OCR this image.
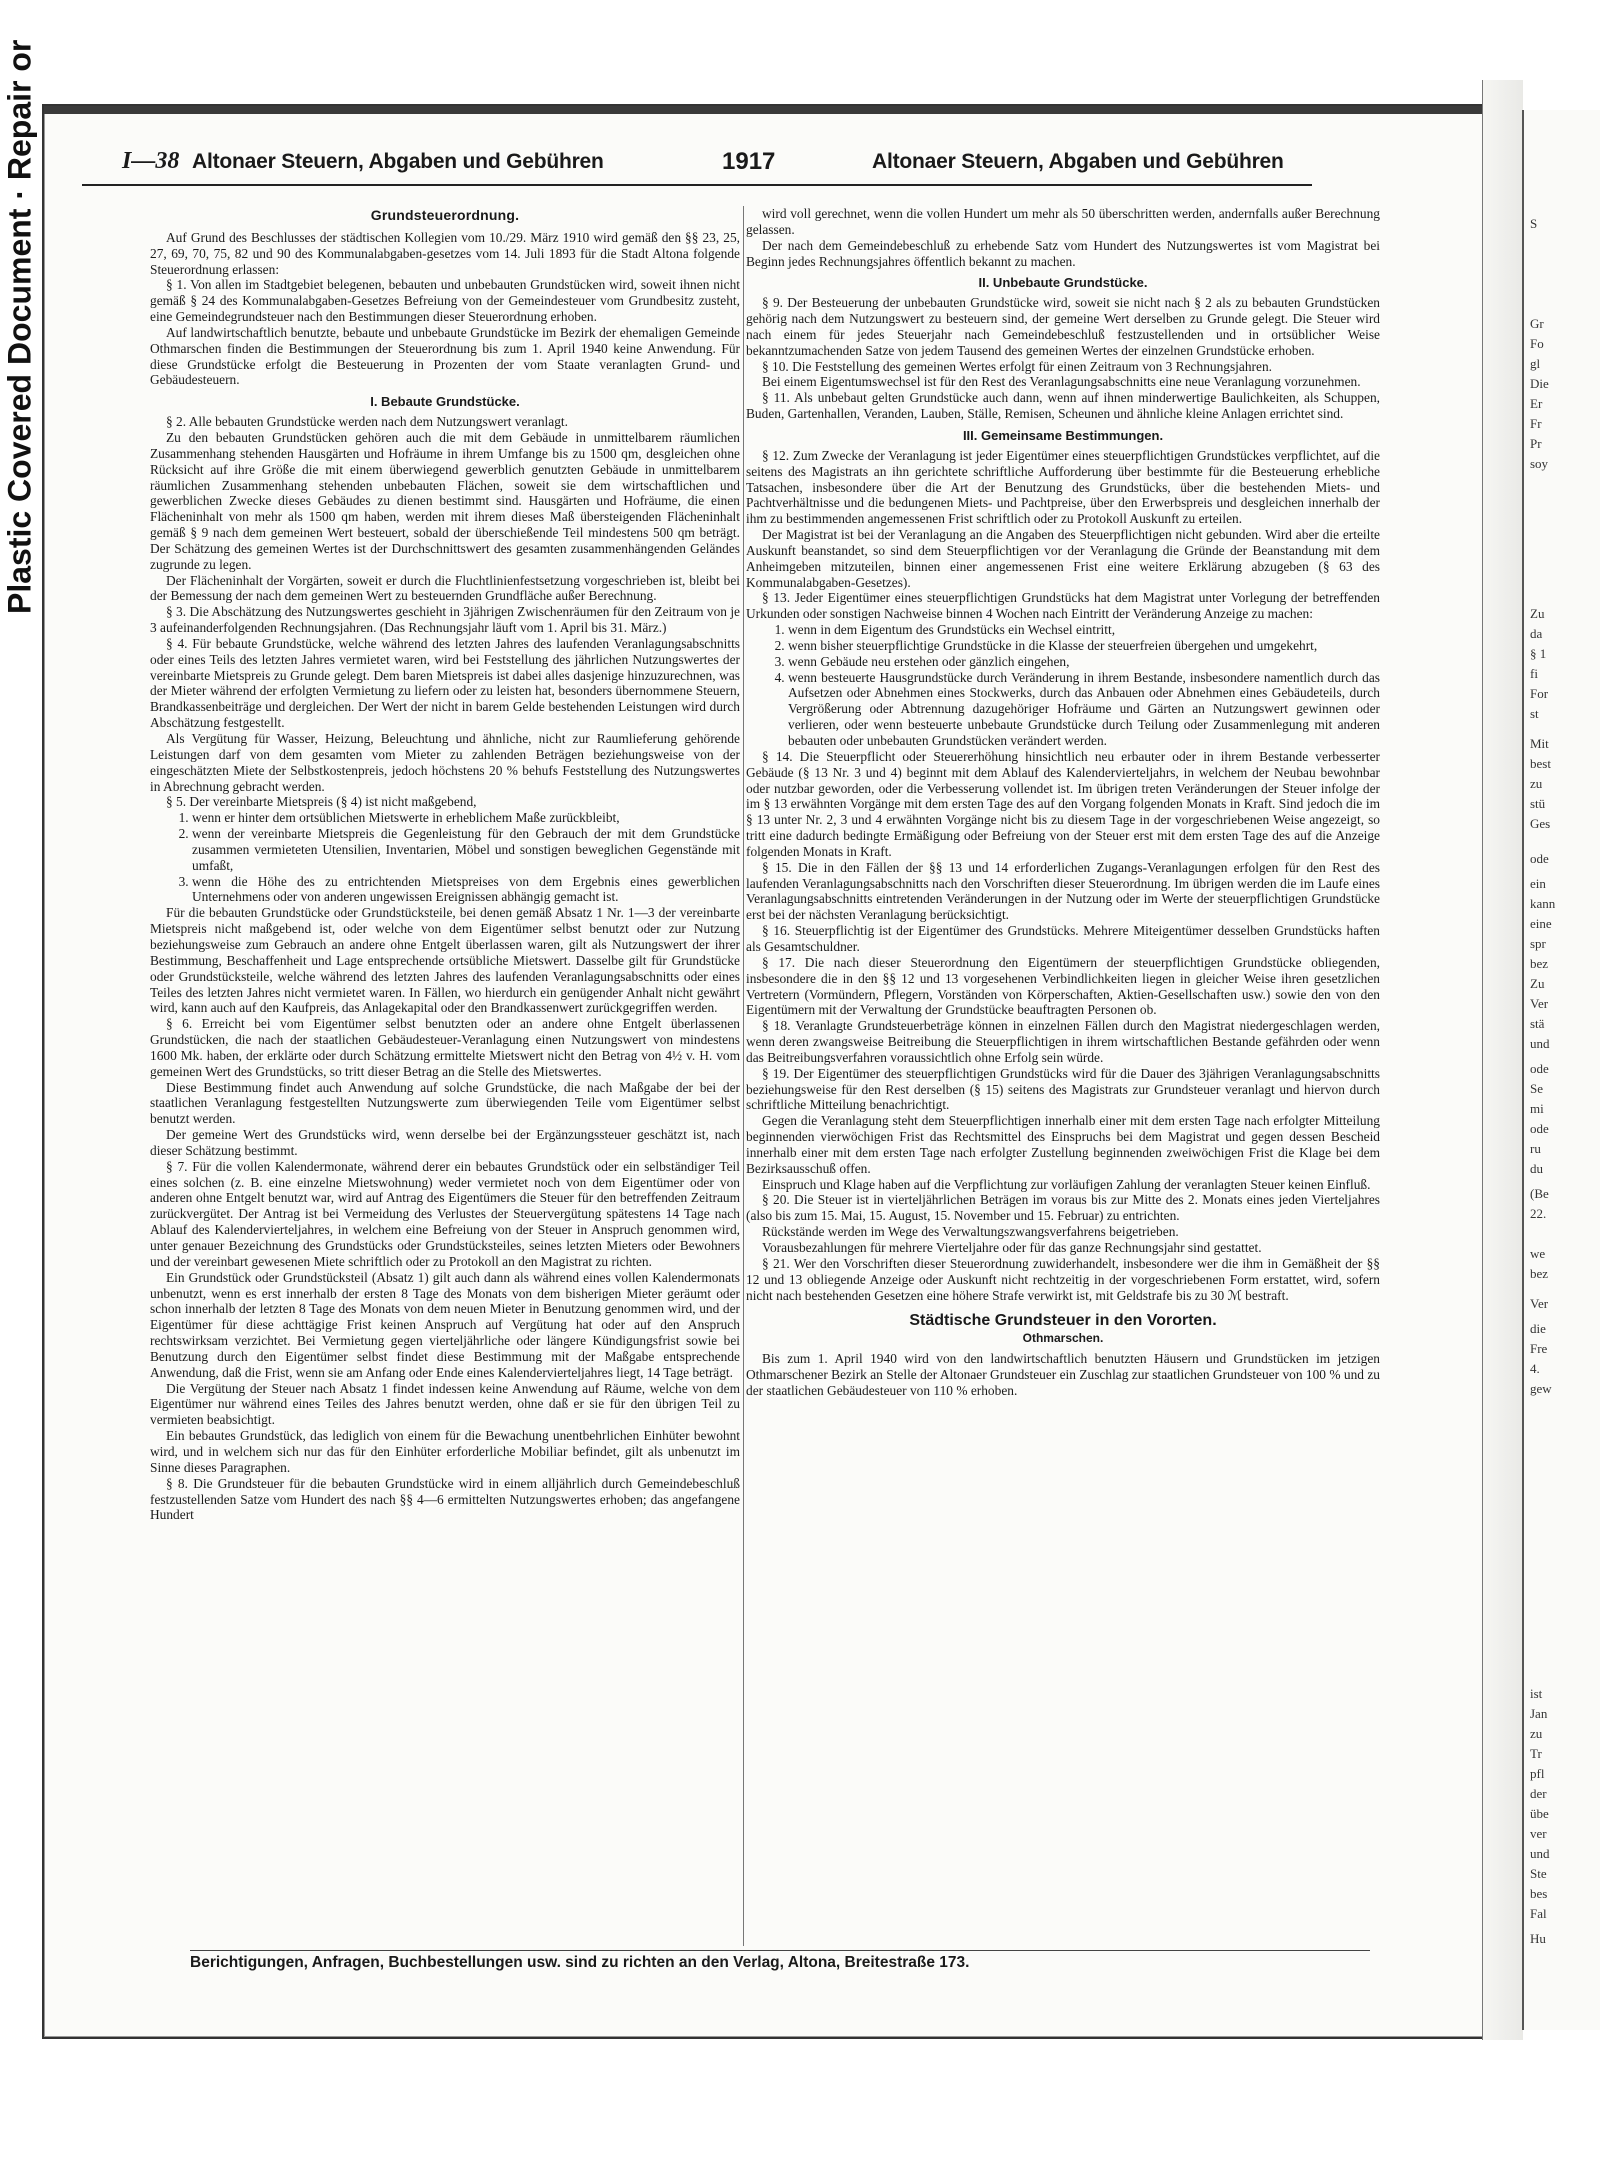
Plastic Covered Document · Repair or	S
Gr
Fo
gl
Die
Er
Fr
Pr
soy
Zu
da
§ 1
fi
For
st
Mit
best
zu
stü
Ges
ode
ein
kann
eine
spr
bez
Zu
Ver
stä
und
ode
Se
mi
ode
ru
du
(Be
22.
we
bez
Ver
die
Fre
4.
gew
ist
Jan
zu
Tr
pfl
der
übe
ver
und
Ste
bes
Fal
Hu
I—38 Altonaer Steuern, Abgaben und Gebühren	1917	Altonaer Steuern, Abgaben und Gebühren
Grundsteuerordnung.

Auf Grund des Beschlusses der städtischen Kollegien vom 10./29. März 1910 wird gemäß den §§ 23, 25, 27, 69, 70, 75, 82 und 90 des Kommunalabgaben-gesetzes vom 14. Juli 1893 für die Stadt Altona folgende Steuerordnung erlassen:

§ 1. Von allen im Stadtgebiet belegenen, bebauten und unbebauten Grundstücken wird, soweit ihnen nicht gemäß § 24 des Kommunalabgaben-Gesetzes Befreiung von der Gemeindesteuer vom Grundbesitz zusteht, eine Gemeindegrundsteuer nach den Bestimmungen dieser Steuerordnung erhoben.

Auf landwirtschaftlich benutzte, bebaute und unbebaute Grundstücke im Bezirk der ehemaligen Gemeinde Othmarschen finden die Bestimmungen der Steuerordnung bis zum 1. April 1940 keine Anwendung. Für diese Grundstücke erfolgt die Besteuerung in Prozenten der vom Staate veranlagten Grund- und Gebäudesteuern.

I. Bebaute Grundstücke.

§ 2. Alle bebauten Grundstücke werden nach dem Nutzungswert veranlagt.

Zu den bebauten Grundstücken gehören auch die mit dem Gebäude in unmittelbarem räumlichen Zusammenhang stehenden Hausgärten und Hofräume in ihrem Umfange bis zu 1500 qm, desgleichen ohne Rücksicht auf ihre Größe die mit einem überwiegend gewerblich genutzten Gebäude in unmittelbarem räumlichen Zusammenhang stehenden unbebauten Flächen, soweit sie dem wirtschaftlichen und gewerblichen Zwecke dieses Gebäudes zu dienen bestimmt sind. Hausgärten und Hofräume, die einen Flächeninhalt von mehr als 1500 qm haben, werden mit ihrem dieses Maß übersteigenden Flächeninhalt gemäß § 9 nach dem gemeinen Wert besteuert, sobald der überschießende Teil mindestens 500 qm beträgt. Der Schätzung des gemeinen Wertes ist der Durchschnittswert des gesamten zusammenhängenden Geländes zugrunde zu legen.

Der Flächeninhalt der Vorgärten, soweit er durch die Fluchtlinienfestsetzung vorgeschrieben ist, bleibt bei der Bemessung der nach dem gemeinen Wert zu besteuernden Grundfläche außer Berechnung.

§ 3. Die Abschätzung des Nutzungswertes geschieht in 3jährigen Zwischenräumen für den Zeitraum von je 3 aufeinanderfolgenden Rechnungsjahren. (Das Rechnungsjahr läuft vom 1. April bis 31. März.)

§ 4. Für bebaute Grundstücke, welche während des letzten Jahres des laufenden Veranlagungsabschnitts oder eines Teils des letzten Jahres vermietet waren, wird bei Feststellung des jährlichen Nutzungswertes der vereinbarte Mietspreis zu Grunde gelegt. Dem baren Mietspreis ist dabei alles dasjenige hinzuzurechnen, was der Mieter während der erfolgten Vermietung zu liefern oder zu leisten hat, besonders übernommene Steuern, Brandkassenbeiträge und dergleichen. Der Wert der nicht in barem Gelde bestehenden Leistungen wird durch Abschätzung festgestellt.

Als Vergütung für Wasser, Heizung, Beleuchtung und ähnliche, nicht zur Raumlieferung gehörende Leistungen darf von dem gesamten vom Mieter zu zahlenden Beträgen beziehungsweise von der eingeschätzten Miete der Selbstkostenpreis, jedoch höchstens 20 % behufs Feststellung des Nutzungswertes in Abrechnung gebracht werden.

§ 5. Der vereinbarte Mietspreis (§ 4) ist nicht maßgebend,

1. wenn er hinter dem ortsüblichen Mietswerte in erheblichem Maße zurückbleibt,
2. wenn der vereinbarte Mietspreis die Gegenleistung für den Gebrauch der mit dem Grundstücke zusammen vermieteten Utensilien, Inventarien, Möbel und sonstigen beweglichen Gegenstände mit umfaßt,
3. wenn die Höhe des zu entrichtenden Mietspreises von dem Ergebnis eines gewerblichen Unternehmens oder von anderen ungewissen Ereignissen abhängig gemacht ist.

Für die bebauten Grundstücke oder Grundstücksteile, bei denen gemäß Absatz 1 Nr. 1—3 der vereinbarte Mietspreis nicht maßgebend ist, oder welche von dem Eigentümer selbst benutzt oder zur Nutzung beziehungsweise zum Gebrauch an andere ohne Entgelt überlassen waren, gilt als Nutzungswert der ihrer Bestimmung, Beschaffenheit und Lage entsprechende ortsübliche Mietswert. Dasselbe gilt für Grundstücke oder Grundstücksteile, welche während des letzten Jahres des laufenden Veranlagungsabschnitts oder eines Teiles des letzten Jahres nicht vermietet waren. In Fällen, wo hierdurch ein genügender Anhalt nicht gewährt wird, kann auch auf den Kaufpreis, das Anlagekapital oder den Brandkassenwert zurückgegriffen werden.

§ 6. Erreicht bei vom Eigentümer selbst benutzten oder an andere ohne Entgelt überlassenen Grundstücken, die nach der staatlichen Gebäudesteuer-Veranlagung einen Nutzungswert von mindestens 1600 Mk. haben, der erklärte oder durch Schätzung ermittelte Mietswert nicht den Betrag von 4½ v. H. vom gemeinen Wert des Grundstücks, so tritt dieser Betrag an die Stelle des Mietswertes.

Diese Bestimmung findet auch Anwendung auf solche Grundstücke, die nach Maßgabe der bei der staatlichen Veranlagung festgestellten Nutzungswerte zum überwiegenden Teile vom Eigentümer selbst benutzt werden.

Der gemeine Wert des Grundstücks wird, wenn derselbe bei der Ergänzungssteuer geschätzt ist, nach dieser Schätzung bestimmt.

§ 7. Für die vollen Kalendermonate, während derer ein bebautes Grundstück oder ein selbständiger Teil eines solchen (z. B. eine einzelne Mietswohnung) weder vermietet noch von dem Eigentümer oder von anderen ohne Entgelt benutzt war, wird auf Antrag des Eigentümers die Steuer für den betreffenden Zeitraum zurückvergütet. Der Antrag ist bei Vermeidung des Verlustes der Steuervergütung spätestens 14 Tage nach Ablauf des Kalendervierteljahres, in welchem eine Befreiung von der Steuer in Anspruch genommen wird, unter genauer Bezeichnung des Grundstücks oder Grundstücksteiles, seines letzten Mieters oder Bewohners und der vereinbart gewesenen Miete schriftlich oder zu Protokoll an den Magistrat zu richten.

Ein Grundstück oder Grundstücksteil (Absatz 1) gilt auch dann als während eines vollen Kalendermonats unbenutzt, wenn es erst innerhalb der ersten 8 Tage des Monats von dem bisherigen Mieter geräumt oder schon innerhalb der letzten 8 Tage des Monats von dem neuen Mieter in Benutzung genommen wird, und der Eigentümer für diese achttägige Frist keinen Anspruch auf Vergütung hat oder auf den Anspruch rechtswirksam verzichtet. Bei Vermietung gegen vierteljährliche oder längere Kündigungsfrist sowie bei Benutzung durch den Eigentümer selbst findet diese Bestimmung mit der Maßgabe entsprechende Anwendung, daß die Frist, wenn sie am Anfang oder Ende eines Kalendervierteljahres liegt, 14 Tage beträgt.

Die Vergütung der Steuer nach Absatz 1 findet indessen keine Anwendung auf Räume, welche von dem Eigentümer nur während eines Teiles des Jahres benutzt werden, ohne daß er sie für den übrigen Teil zu vermieten beabsichtigt.

Ein bebautes Grundstück, das lediglich von einem für die Bewachung unentbehrlichen Einhüter bewohnt wird, und in welchem sich nur das für den Einhüter erforderliche Mobiliar befindet, gilt als unbenutzt im Sinne dieses Paragraphen.

§ 8. Die Grundsteuer für die bebauten Grundstücke wird in einem alljährlich durch Gemeindebeschluß festzustellenden Satze vom Hundert des nach §§ 4—6 ermittelten Nutzungswertes erhoben; das angefangene Hundert

wird voll gerechnet, wenn die vollen Hundert um mehr als 50 überschritten werden, andernfalls außer Berechnung gelassen.

Der nach dem Gemeindebeschluß zu erhebende Satz vom Hundert des Nutzungswertes ist vom Magistrat bei Beginn jedes Rechnungsjahres öffentlich bekannt zu machen.

II. Unbebaute Grundstücke.

§ 9. Der Besteuerung der unbebauten Grundstücke wird, soweit sie nicht nach § 2 als zu bebauten Grundstücken gehörig nach dem Nutzungswert zu besteuern sind, der gemeine Wert derselben zu Grunde gelegt. Die Steuer wird nach einem für jedes Steuerjahr nach Gemeindebeschluß festzustellenden und in ortsüblicher Weise bekanntzumachenden Satze von jedem Tausend des gemeinen Wertes der einzelnen Grundstücke erhoben.

§ 10. Die Feststellung des gemeinen Wertes erfolgt für einen Zeitraum von 3 Rechnungsjahren.

Bei einem Eigentumswechsel ist für den Rest des Veranlagungsabschnitts eine neue Veranlagung vorzunehmen.

§ 11. Als unbebaut gelten Grundstücke auch dann, wenn auf ihnen minderwertige Baulichkeiten, als Schuppen, Buden, Gartenhallen, Veranden, Lauben, Ställe, Remisen, Scheunen und ähnliche kleine Anlagen errichtet sind.

III. Gemeinsame Bestimmungen.

§ 12. Zum Zwecke der Veranlagung ist jeder Eigentümer eines steuerpflichtigen Grundstückes verpflichtet, auf die seitens des Magistrats an ihn gerichtete schriftliche Aufforderung über bestimmte für die Besteuerung erhebliche Tatsachen, insbesondere über die Art der Benutzung des Grundstücks, über die bestehenden Miets- und Pachtverhältnisse und die bedungenen Miets- und Pachtpreise, über den Erwerbspreis und desgleichen innerhalb der ihm zu bestimmenden angemessenen Frist schriftlich oder zu Protokoll Auskunft zu erteilen.

Der Magistrat ist bei der Veranlagung an die Angaben des Steuerpflichtigen nicht gebunden. Wird aber die erteilte Auskunft beanstandet, so sind dem Steuerpflichtigen vor der Veranlagung die Gründe der Beanstandung mit dem Anheimgeben mitzuteilen, binnen einer angemessenen Frist eine weitere Erklärung abzugeben (§ 63 des Kommunalabgaben-Gesetzes).

§ 13. Jeder Eigentümer eines steuerpflichtigen Grundstücks hat dem Magistrat unter Vorlegung der betreffenden Urkunden oder sonstigen Nachweise binnen 4 Wochen nach Eintritt der Veränderung Anzeige zu machen:

1. wenn in dem Eigentum des Grundstücks ein Wechsel eintritt,
2. wenn bisher steuerpflichtige Grundstücke in die Klasse der steuerfreien übergehen und umgekehrt,
3. wenn Gebäude neu erstehen oder gänzlich eingehen,
4. wenn besteuerte Hausgrundstücke durch Veränderung in ihrem Bestande, insbesondere namentlich durch das Aufsetzen oder Abnehmen eines Stockwerks, durch das Anbauen oder Abnehmen eines Gebäudeteils, durch Vergrößerung oder Abtrennung dazugehöriger Hofräume und Gärten an Nutzungswert gewinnen oder verlieren, oder wenn besteuerte unbebaute Grundstücke durch Teilung oder Zusammenlegung mit anderen bebauten oder unbebauten Grundstücken verändert werden.

§ 14. Die Steuerpflicht oder Steuererhöhung hinsichtlich neu erbauter oder in ihrem Bestande verbesserter Gebäude (§ 13 Nr. 3 und 4) beginnt mit dem Ablauf des Kalendervierteljahrs, in welchem der Neubau bewohnbar oder nutzbar geworden, oder die Verbesserung vollendet ist. Im übrigen treten Veränderungen der Steuer infolge der im § 13 erwähnten Vorgänge mit dem ersten Tage des auf den Vorgang folgenden Monats in Kraft. Sind jedoch die im § 13 unter Nr. 2, 3 und 4 erwähnten Vorgänge nicht bis zu diesem Tage in der vorgeschriebenen Weise angezeigt, so tritt eine dadurch bedingte Ermäßigung oder Befreiung von der Steuer erst mit dem ersten Tage des auf die Anzeige folgenden Monats in Kraft.

§ 15. Die in den Fällen der §§ 13 und 14 erforderlichen Zugangs-Veranlagungen erfolgen für den Rest des laufenden Veranlagungsabschnitts nach den Vorschriften dieser Steuerordnung. Im übrigen werden die im Laufe eines Veranlagungsabschnitts eintretenden Veränderungen in der Nutzung oder im Werte der steuerpflichtigen Grundstücke erst bei der nächsten Veranlagung berücksichtigt.

§ 16. Steuerpflichtig ist der Eigentümer des Grundstücks. Mehrere Miteigentümer desselben Grundstücks haften als Gesamtschuldner.

§ 17. Die nach dieser Steuerordnung den Eigentümern der steuerpflichtigen Grundstücke obliegenden, insbesondere die in den §§ 12 und 13 vorgesehenen Verbindlichkeiten liegen in gleicher Weise ihren gesetzlichen Vertretern (Vormündern, Pflegern, Vorständen von Körperschaften, Aktien-Gesellschaften usw.) sowie den von den Eigentümern mit der Verwaltung der Grundstücke beauftragten Personen ob.

§ 18. Veranlagte Grundsteuerbeträge können in einzelnen Fällen durch den Magistrat niedergeschlagen werden, wenn deren zwangsweise Beitreibung die Steuerpflichtigen in ihrem wirtschaftlichen Bestande gefährden oder wenn das Beitreibungsverfahren voraussichtlich ohne Erfolg sein würde.

§ 19. Der Eigentümer des steuerpflichtigen Grundstücks wird für die Dauer des 3jährigen Veranlagungsabschnitts beziehungsweise für den Rest derselben (§ 15) seitens des Magistrats zur Grundsteuer veranlagt und hiervon durch schriftliche Mitteilung benachrichtigt.

Gegen die Veranlagung steht dem Steuerpflichtigen innerhalb einer mit dem ersten Tage nach erfolgter Mitteilung beginnenden vierwöchigen Frist das Rechtsmittel des Einspruchs bei dem Magistrat und gegen dessen Bescheid innerhalb einer mit dem ersten Tage nach erfolgter Zustellung beginnenden zweiwöchigen Frist die Klage bei dem Bezirksausschuß offen.

Einspruch und Klage haben auf die Verpflichtung zur vorläufigen Zahlung der veranlagten Steuer keinen Einfluß.

§ 20. Die Steuer ist in vierteljährlichen Beträgen im voraus bis zur Mitte des 2. Monats eines jeden Vierteljahres (also bis zum 15. Mai, 15. August, 15. November und 15. Februar) zu entrichten.

Rückstände werden im Wege des Verwaltungszwangsverfahrens beigetrieben.

Vorausbezahlungen für mehrere Vierteljahre oder für das ganze Rechnungsjahr sind gestattet.

§ 21. Wer den Vorschriften dieser Steuerordnung zuwiderhandelt, insbesondere wer die ihm in Gemäßheit der §§ 12 und 13 obliegende Anzeige oder Auskunft nicht rechtzeitig in der vorgeschriebenen Form erstattet, wird, sofern nicht nach bestehenden Gesetzen eine höhere Strafe verwirkt ist, mit Geldstrafe bis zu 30 ℳ bestraft.

Städtische Grundsteuer in den Vororten.
Othmarschen.

Bis zum 1. April 1940 wird von den landwirtschaftlich benutzten Häusern und Grundstücken im jetzigen Othmarschener Bezirk an Stelle der Altonaer Grundsteuer ein Zuschlag zur staatlichen Grundsteuer von 100 % und zu der staatlichen Gebäudesteuer von 110 % erhoben.

Berichtigungen, Anfragen, Buchbestellungen usw. sind zu richten an den Verlag, Altona, Breitestraße 173.
